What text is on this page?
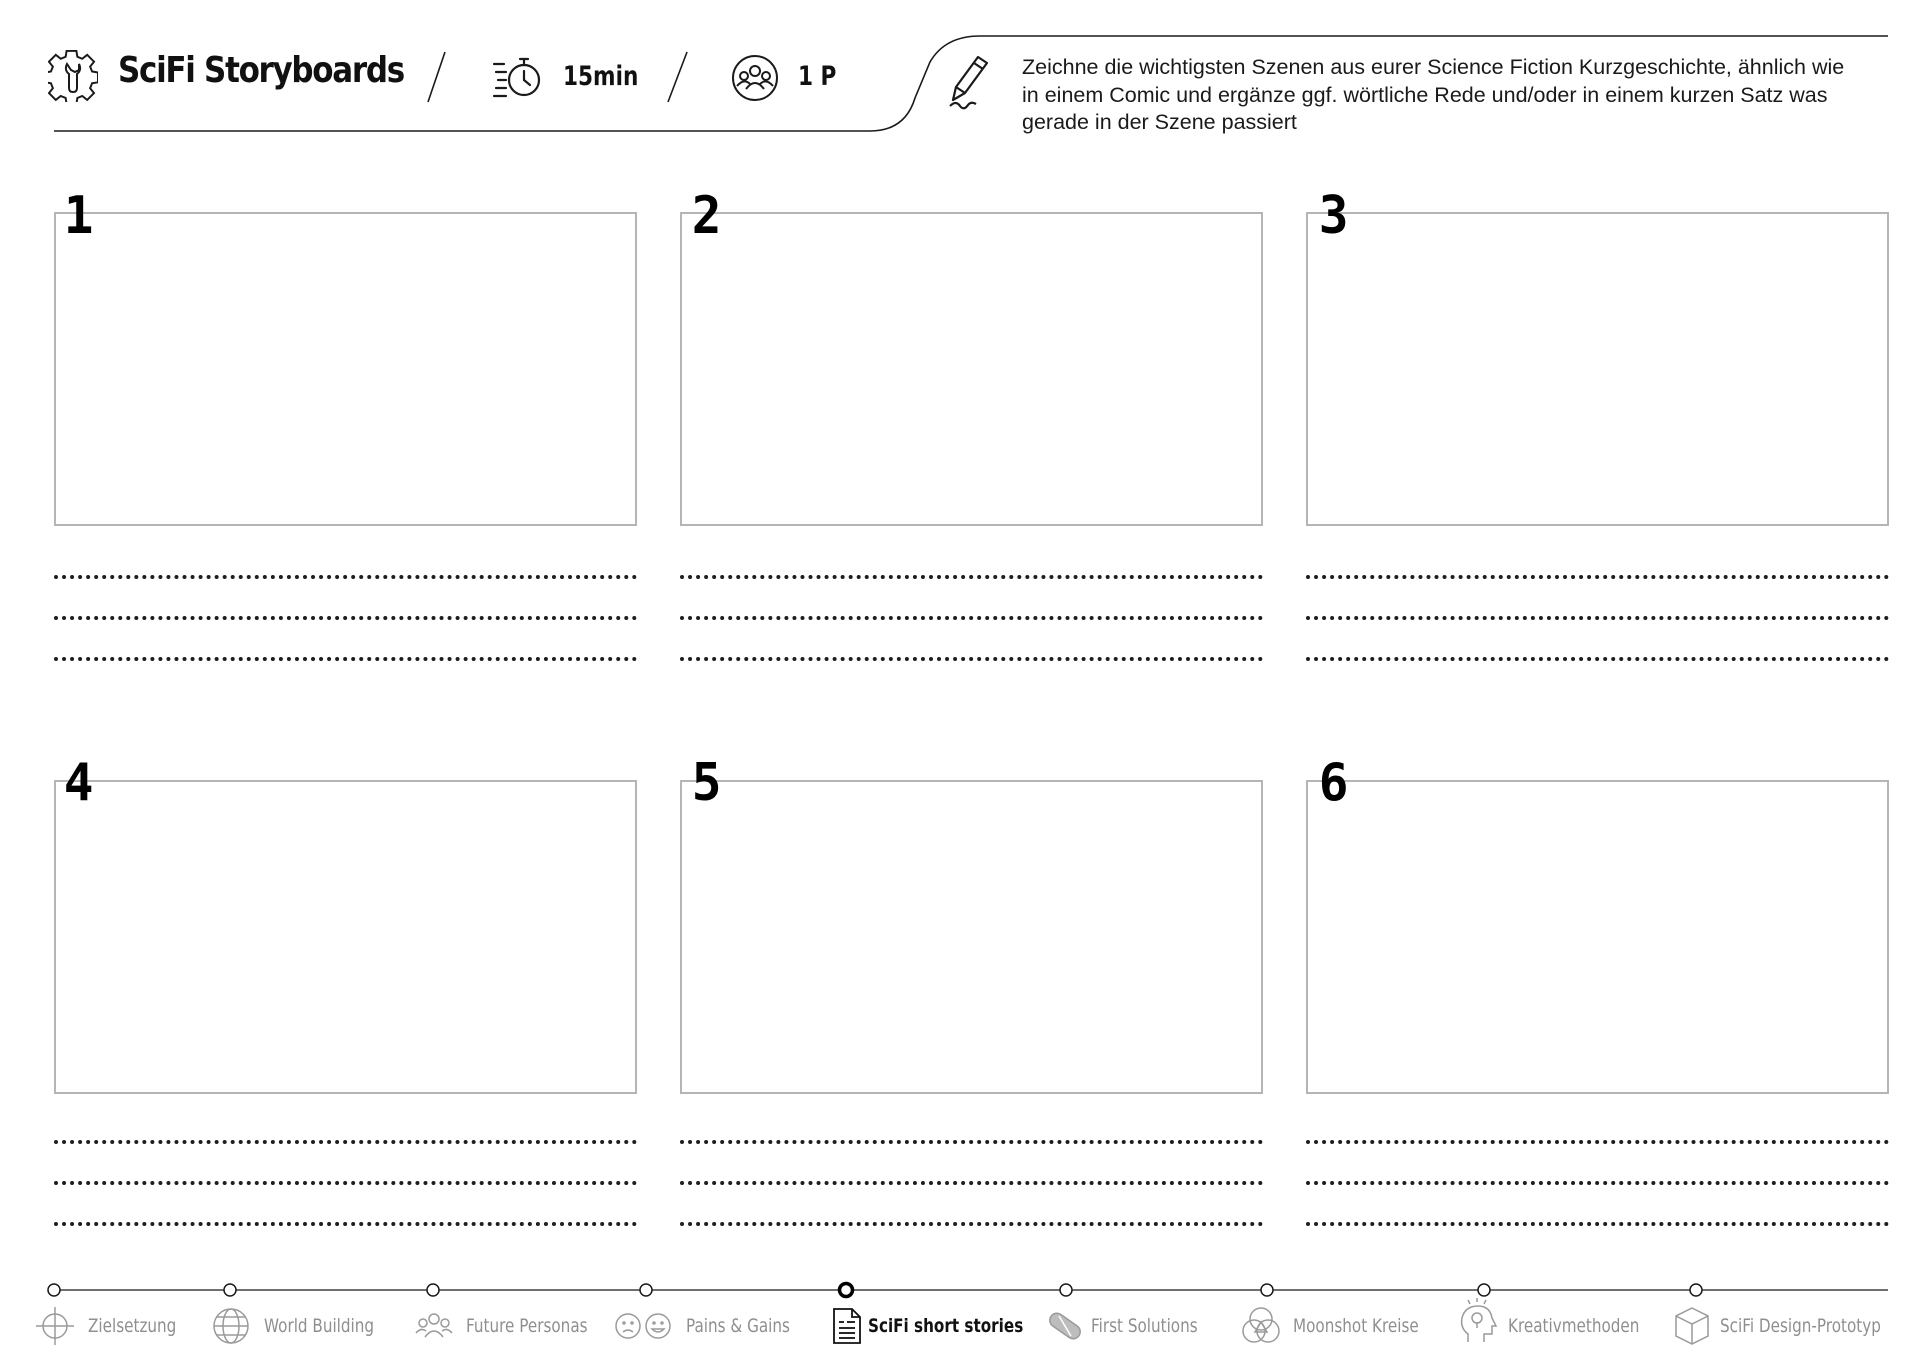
SciFi Storyboards	15min	1 P	Zeichne die wichtigsten Szenen aus eurer Science Fiction Kurzgeschichte, ähnlich wie in einem Comic und ergänze ggf. wörtliche Rede und/oder in einem kurzen Satz was gerade in der Szene passiert
1	2	3
4	5	6
Zielsetzung	World Building	Future Personas	Pains & Gains	SciFi short stories	First Solutions	Moonshot Kreise	Kreativmethoden	SciFi Design-Prototyp
